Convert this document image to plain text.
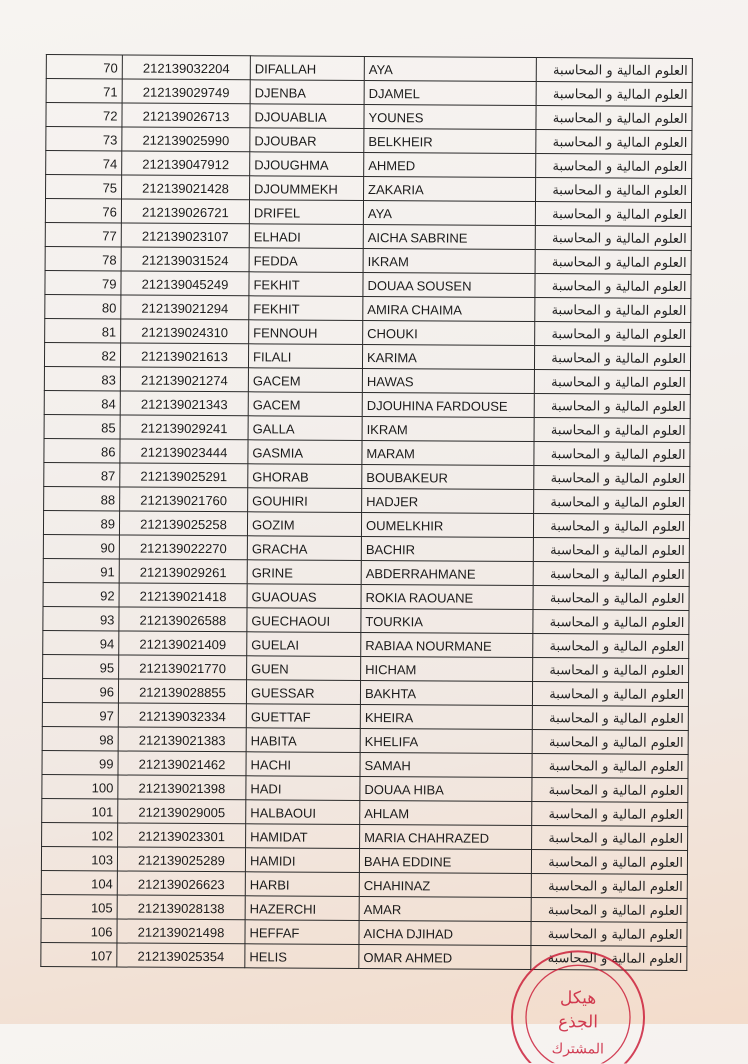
70	212139032204	DIFALLAH	AYA	العلوم المالية و المحاسبة
71	212139029749	DJENBA	DJAMEL	العلوم المالية و المحاسبة
72	212139026713	DJOUABLIA	YOUNES	العلوم المالية و المحاسبة
73	212139025990	DJOUBAR	BELKHEIR	العلوم المالية و المحاسبة
74	212139047912	DJOUGHMA	AHMED	العلوم المالية و المحاسبة
75	212139021428	DJOUMMEKH	ZAKARIA	العلوم المالية و المحاسبة
76	212139026721	DRIFEL	AYA	العلوم المالية و المحاسبة
77	212139023107	ELHADI	AICHA SABRINE	العلوم المالية و المحاسبة
78	212139031524	FEDDA	IKRAM	العلوم المالية و المحاسبة
79	212139045249	FEKHIT	DOUAA SOUSEN	العلوم المالية و المحاسبة
80	212139021294	FEKHIT	AMIRA CHAIMA	العلوم المالية و المحاسبة
81	212139024310	FENNOUH	CHOUKI	العلوم المالية و المحاسبة
82	212139021613	FILALI	KARIMA	العلوم المالية و المحاسبة
83	212139021274	GACEM	HAWAS	العلوم المالية و المحاسبة
84	212139021343	GACEM	DJOUHINA FARDOUSE	العلوم المالية و المحاسبة
85	212139029241	GALLA	IKRAM	العلوم المالية و المحاسبة
86	212139023444	GASMIA	MARAM	العلوم المالية و المحاسبة
87	212139025291	GHORAB	BOUBAKEUR	العلوم المالية و المحاسبة
88	212139021760	GOUHIRI	HADJER	العلوم المالية و المحاسبة
89	212139025258	GOZIM	OUMELKHIR	العلوم المالية و المحاسبة
90	212139022270	GRACHA	BACHIR	العلوم المالية و المحاسبة
91	212139029261	GRINE	ABDERRAHMANE	العلوم المالية و المحاسبة
92	212139021418	GUAOUAS	ROKIA RAOUANE	العلوم المالية و المحاسبة
93	212139026588	GUECHAOUI	TOURKIA	العلوم المالية و المحاسبة
94	212139021409	GUELAI	RABIAA NOURMANE	العلوم المالية و المحاسبة
95	212139021770	GUEN	HICHAM	العلوم المالية و المحاسبة
96	212139028855	GUESSAR	BAKHTA	العلوم المالية و المحاسبة
97	212139032334	GUETTAF	KHEIRA	العلوم المالية و المحاسبة
98	212139021383	HABITA	KHELIFA	العلوم المالية و المحاسبة
99	212139021462	HACHI	SAMAH	العلوم المالية و المحاسبة
100	212139021398	HADI	DOUAA HIBA	العلوم المالية و المحاسبة
101	212139029005	HALBAOUI	AHLAM	العلوم المالية و المحاسبة
102	212139023301	HAMIDAT	MARIA CHAHRAZED	العلوم المالية و المحاسبة
103	212139025289	HAMIDI	BAHA EDDINE	العلوم المالية و المحاسبة
104	212139026623	HARBI	CHAHINAZ	العلوم المالية و المحاسبة
105	212139028138	HAZERCHI	AMAR	العلوم المالية و المحاسبة
106	212139021498	HEFFAF	AICHA DJIHAD	العلوم المالية و المحاسبة
107	212139025354	HELIS	OMAR AHMED	العلوم المالية و المحاسبة
هيكل
الجذع
المشترك
